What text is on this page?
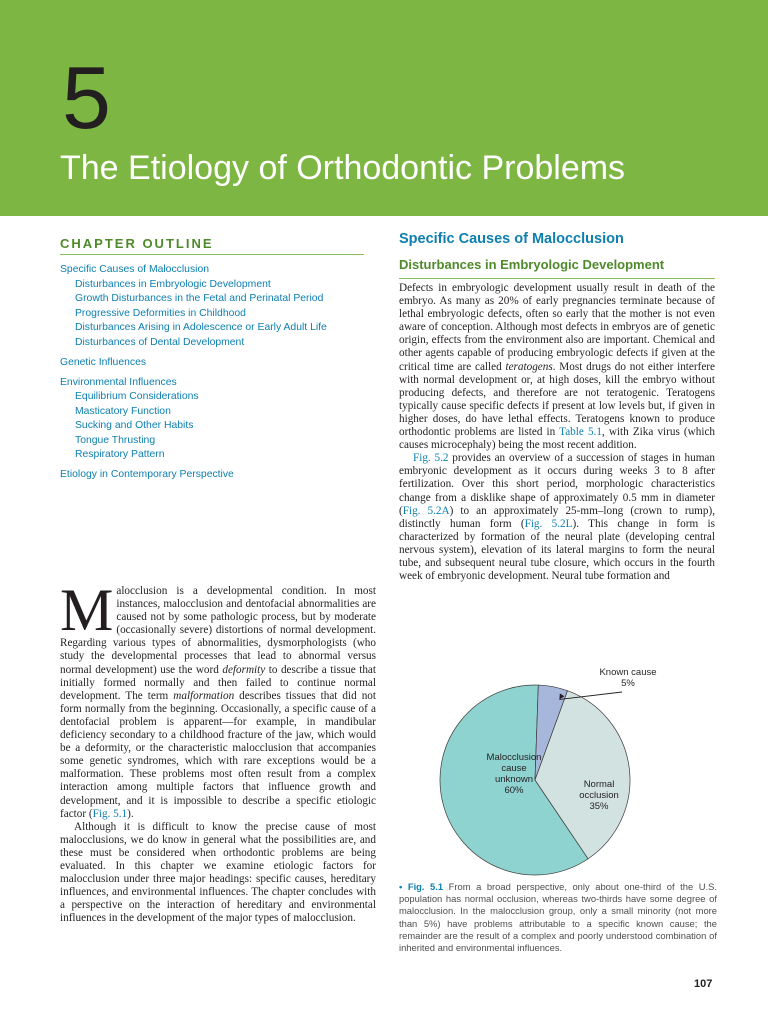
5
The Etiology of Orthodontic Problems
CHAPTER OUTLINE
Specific Causes of Malocclusion
Disturbances in Embryologic Development
Growth Disturbances in the Fetal and Perinatal Period
Progressive Deformities in Childhood
Disturbances Arising in Adolescence or Early Adult Life
Disturbances of Dental Development
Genetic Influences
Environmental Influences
Equilibrium Considerations
Masticatory Function
Sucking and Other Habits
Tongue Thrusting
Respiratory Pattern
Etiology in Contemporary Perspective

Malocclusion is a developmental condition. In most instances, malocclusion and dentofacial abnormalities are caused not by some pathologic process, but by moderate (occasionally severe) distortions of normal development. Regarding various types of abnormalities, dysmorphologists (who study the developmental processes that lead to abnormal versus normal development) use the word deformity to describe a tissue that initially formed normally and then failed to continue normal development. The term malformation describes tissues that did not form normally from the beginning. Occasionally, a specific cause of a dentofacial problem is apparent—for example, in mandibular deficiency secondary to a childhood fracture of the jaw, which would be a deformity, or the characteristic malocclusion that accompanies some genetic syndromes, which with rare exceptions would be a malformation. These problems most often result from a complex interaction among multiple factors that influence growth and development, and it is impossible to describe a specific etiologic factor (Fig. 5.1).

Although it is difficult to know the precise cause of most malocclusions, we do know in general what the possibilities are, and these must be considered when orthodontic problems are being evaluated. In this chapter we examine etiologic factors for malocclusion under three major headings: specific causes, hereditary influences, and environmental influences. The chapter concludes with a perspective on the interaction of hereditary and environmental influences in the development of the major types of malocclusion.

Specific Causes of Malocclusion
Disturbances in Embryologic Development

Defects in embryologic development usually result in death of the embryo. As many as 20% of early pregnancies terminate because of lethal embryologic defects, often so early that the mother is not even aware of conception. Although most defects in embryos are of genetic origin, effects from the environment also are important. Chemical and other agents capable of producing embryologic defects if given at the critical time are called teratogens. Most drugs do not either interfere with normal development or, at high doses, kill the embryo without producing defects, and therefore are not teratogenic. Teratogens typically cause specific defects if present at low levels but, if given in higher doses, do have lethal effects. Teratogens known to produce orthodontic problems are listed in Table 5.1, with Zika virus (which causes microcephaly) being the most recent addition.

Fig. 5.2 provides an overview of a succession of stages in human embryonic development as it occurs during weeks 3 to 8 after fertilization. Over this short period, morphologic characteristics change from a disklike shape of approximately 0.5 mm in diameter (Fig. 5.2A) to an approximately 25-mm–long (crown to rump), distinctly human form (Fig. 5.2L). This change in form is characterized by formation of the neural plate (developing central nervous system), elevation of its lateral margins to form the neural tube, and subsequent neural tube closure, which occurs in the fourth week of embryonic development. Neural tube formation and

Malocclusion cause unknown 60%
Normal occlusion 35%
Known cause 5%
• Fig. 5.1 From a broad perspective, only about one-third of the U.S. population has normal occlusion, whereas two-thirds have some degree of malocclusion. In the malocclusion group, only a small minority (not more than 5%) have problems attributable to a specific known cause; the remainder are the result of a complex and poorly understood combination of inherited and environmental influences.
107
